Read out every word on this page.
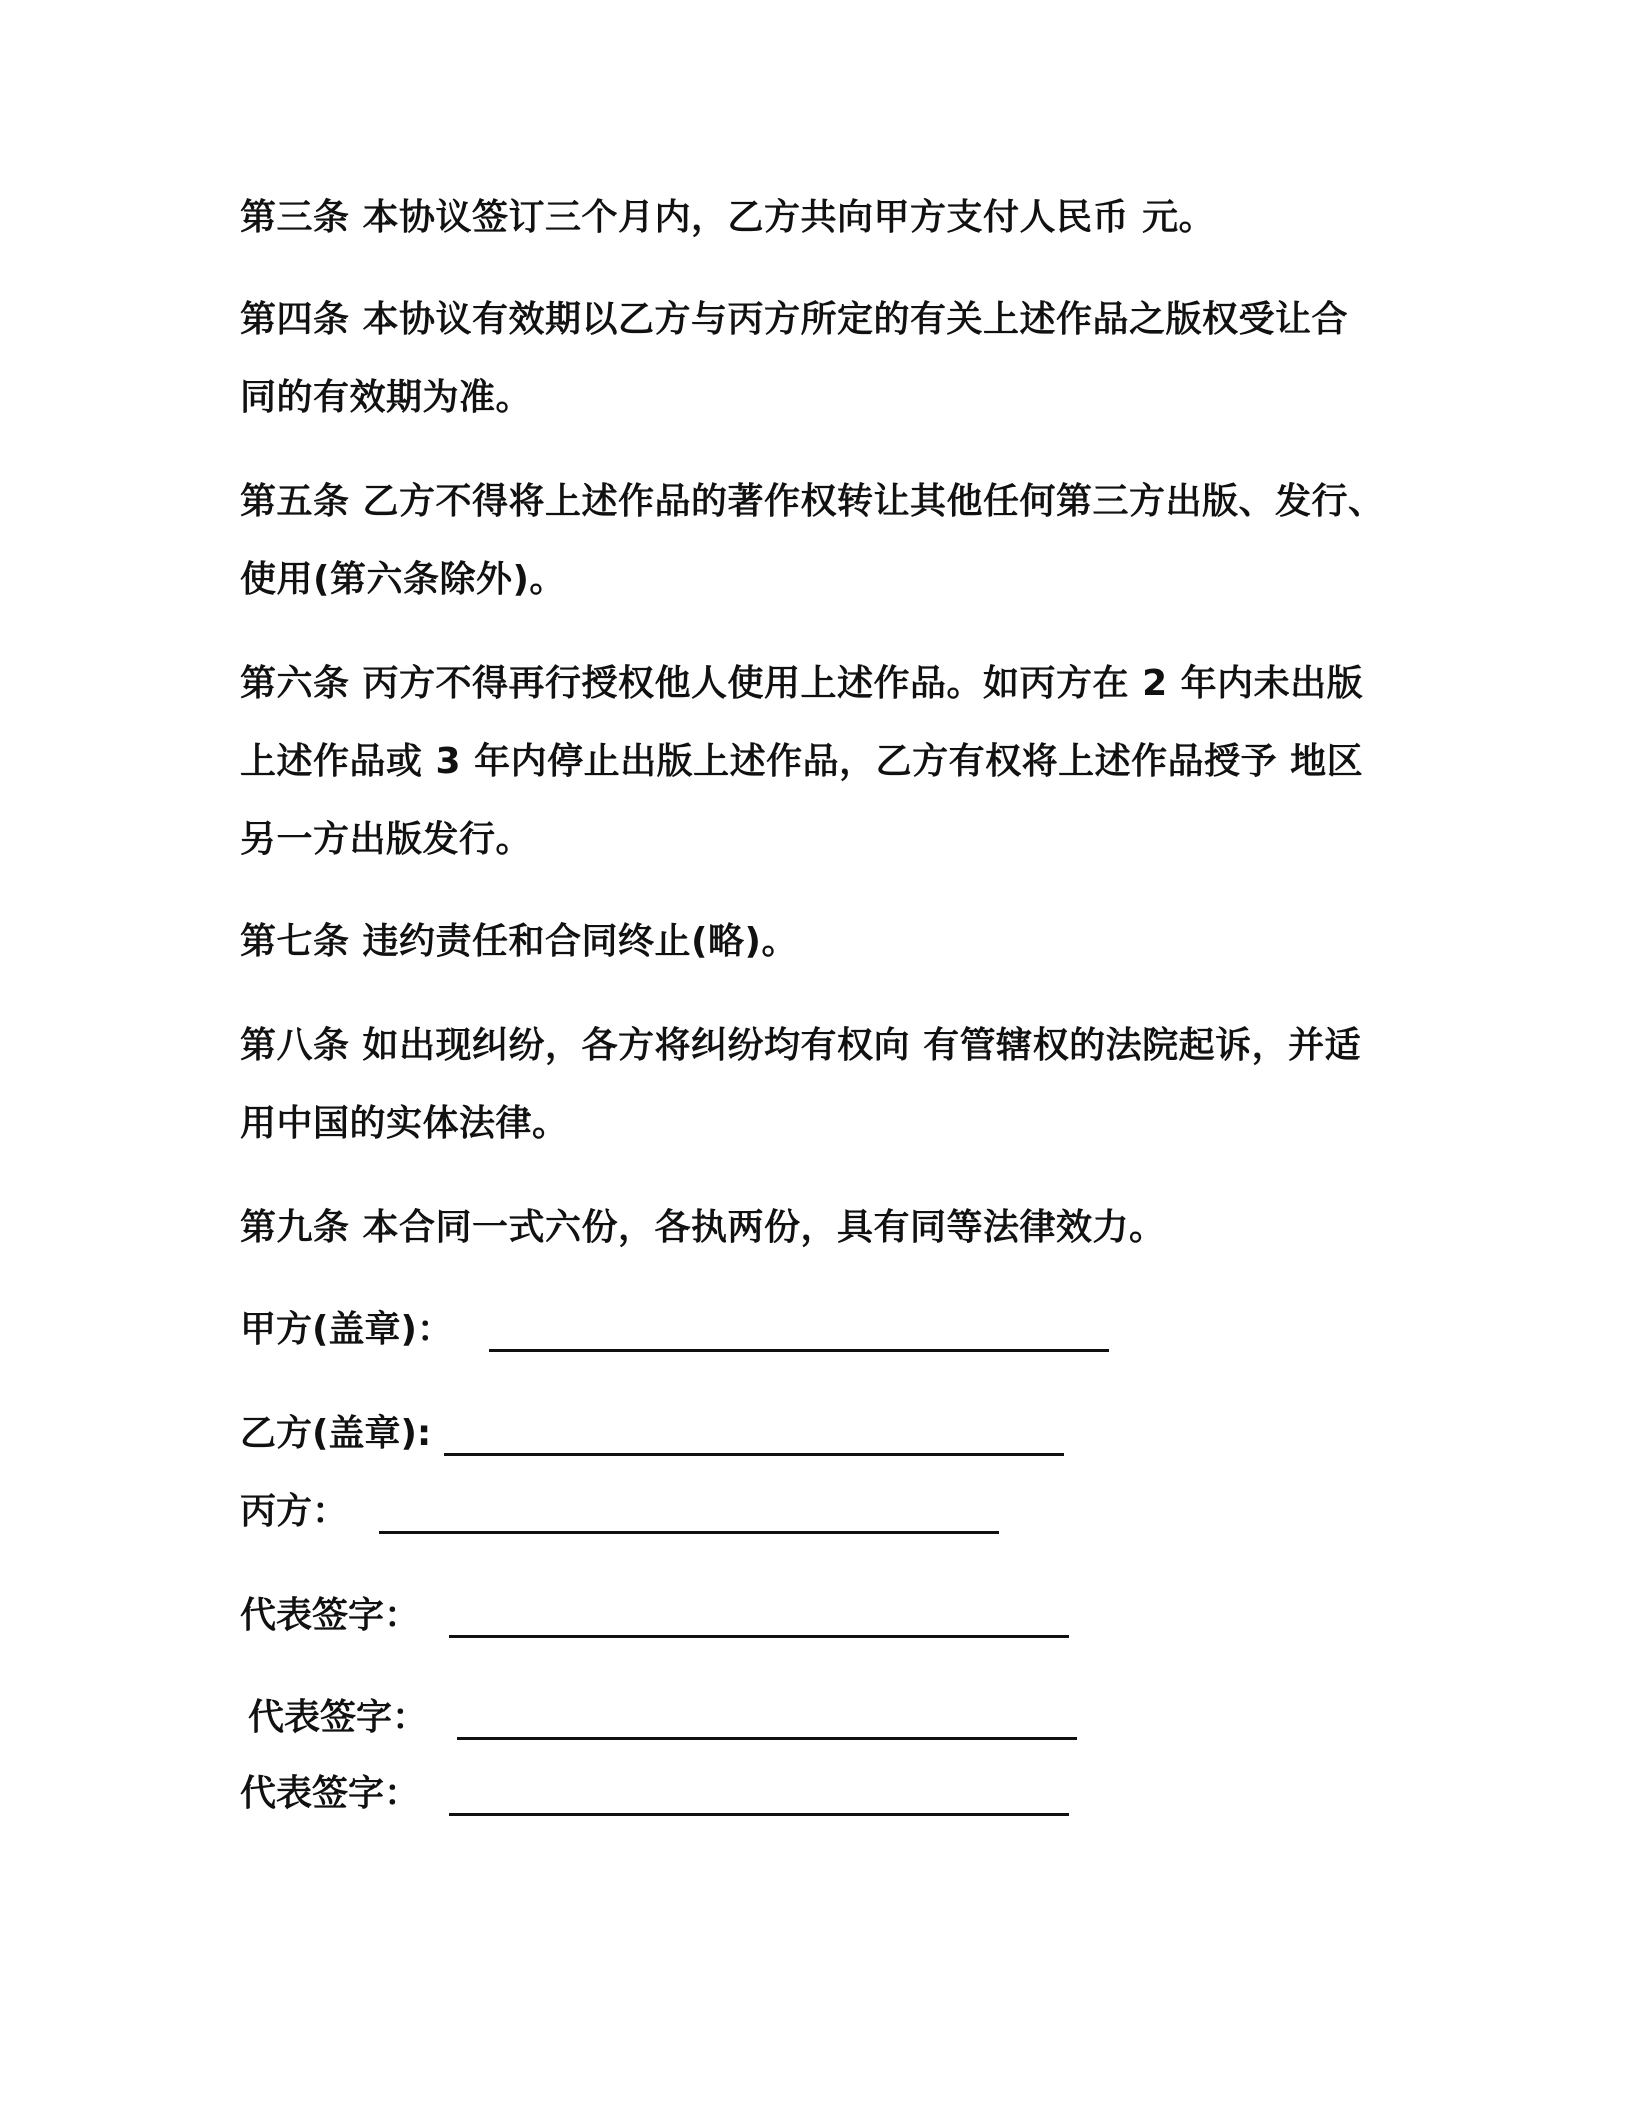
第三条 本协议签订三个月内，乙方共向甲方支付人民币 元。
第四条 本协议有效期以乙方与丙方所定的有关上述作品之版权受让合
同的有效期为准。
第五条 乙方不得将上述作品的著作权转让其他任何第三方出版、发行、
使用(第六条除外)。
第六条 丙方不得再行授权他人使用上述作品。如丙方在 2 年内未出版
上述作品或 3 年内停止出版上述作品，乙方有权将上述作品授予 地区
另一方出版发行。
第七条 违约责任和合同终止(略)。
第八条 如出现纠纷，各方将纠纷均有权向 有管辖权的法院起诉，并适
用中国的实体法律。
第九条 本合同一式六份，各执两份，具有同等法律效力。
甲方(盖章)：
乙方(盖章):
丙方：
代表签字：
代表签字：
代表签字：
